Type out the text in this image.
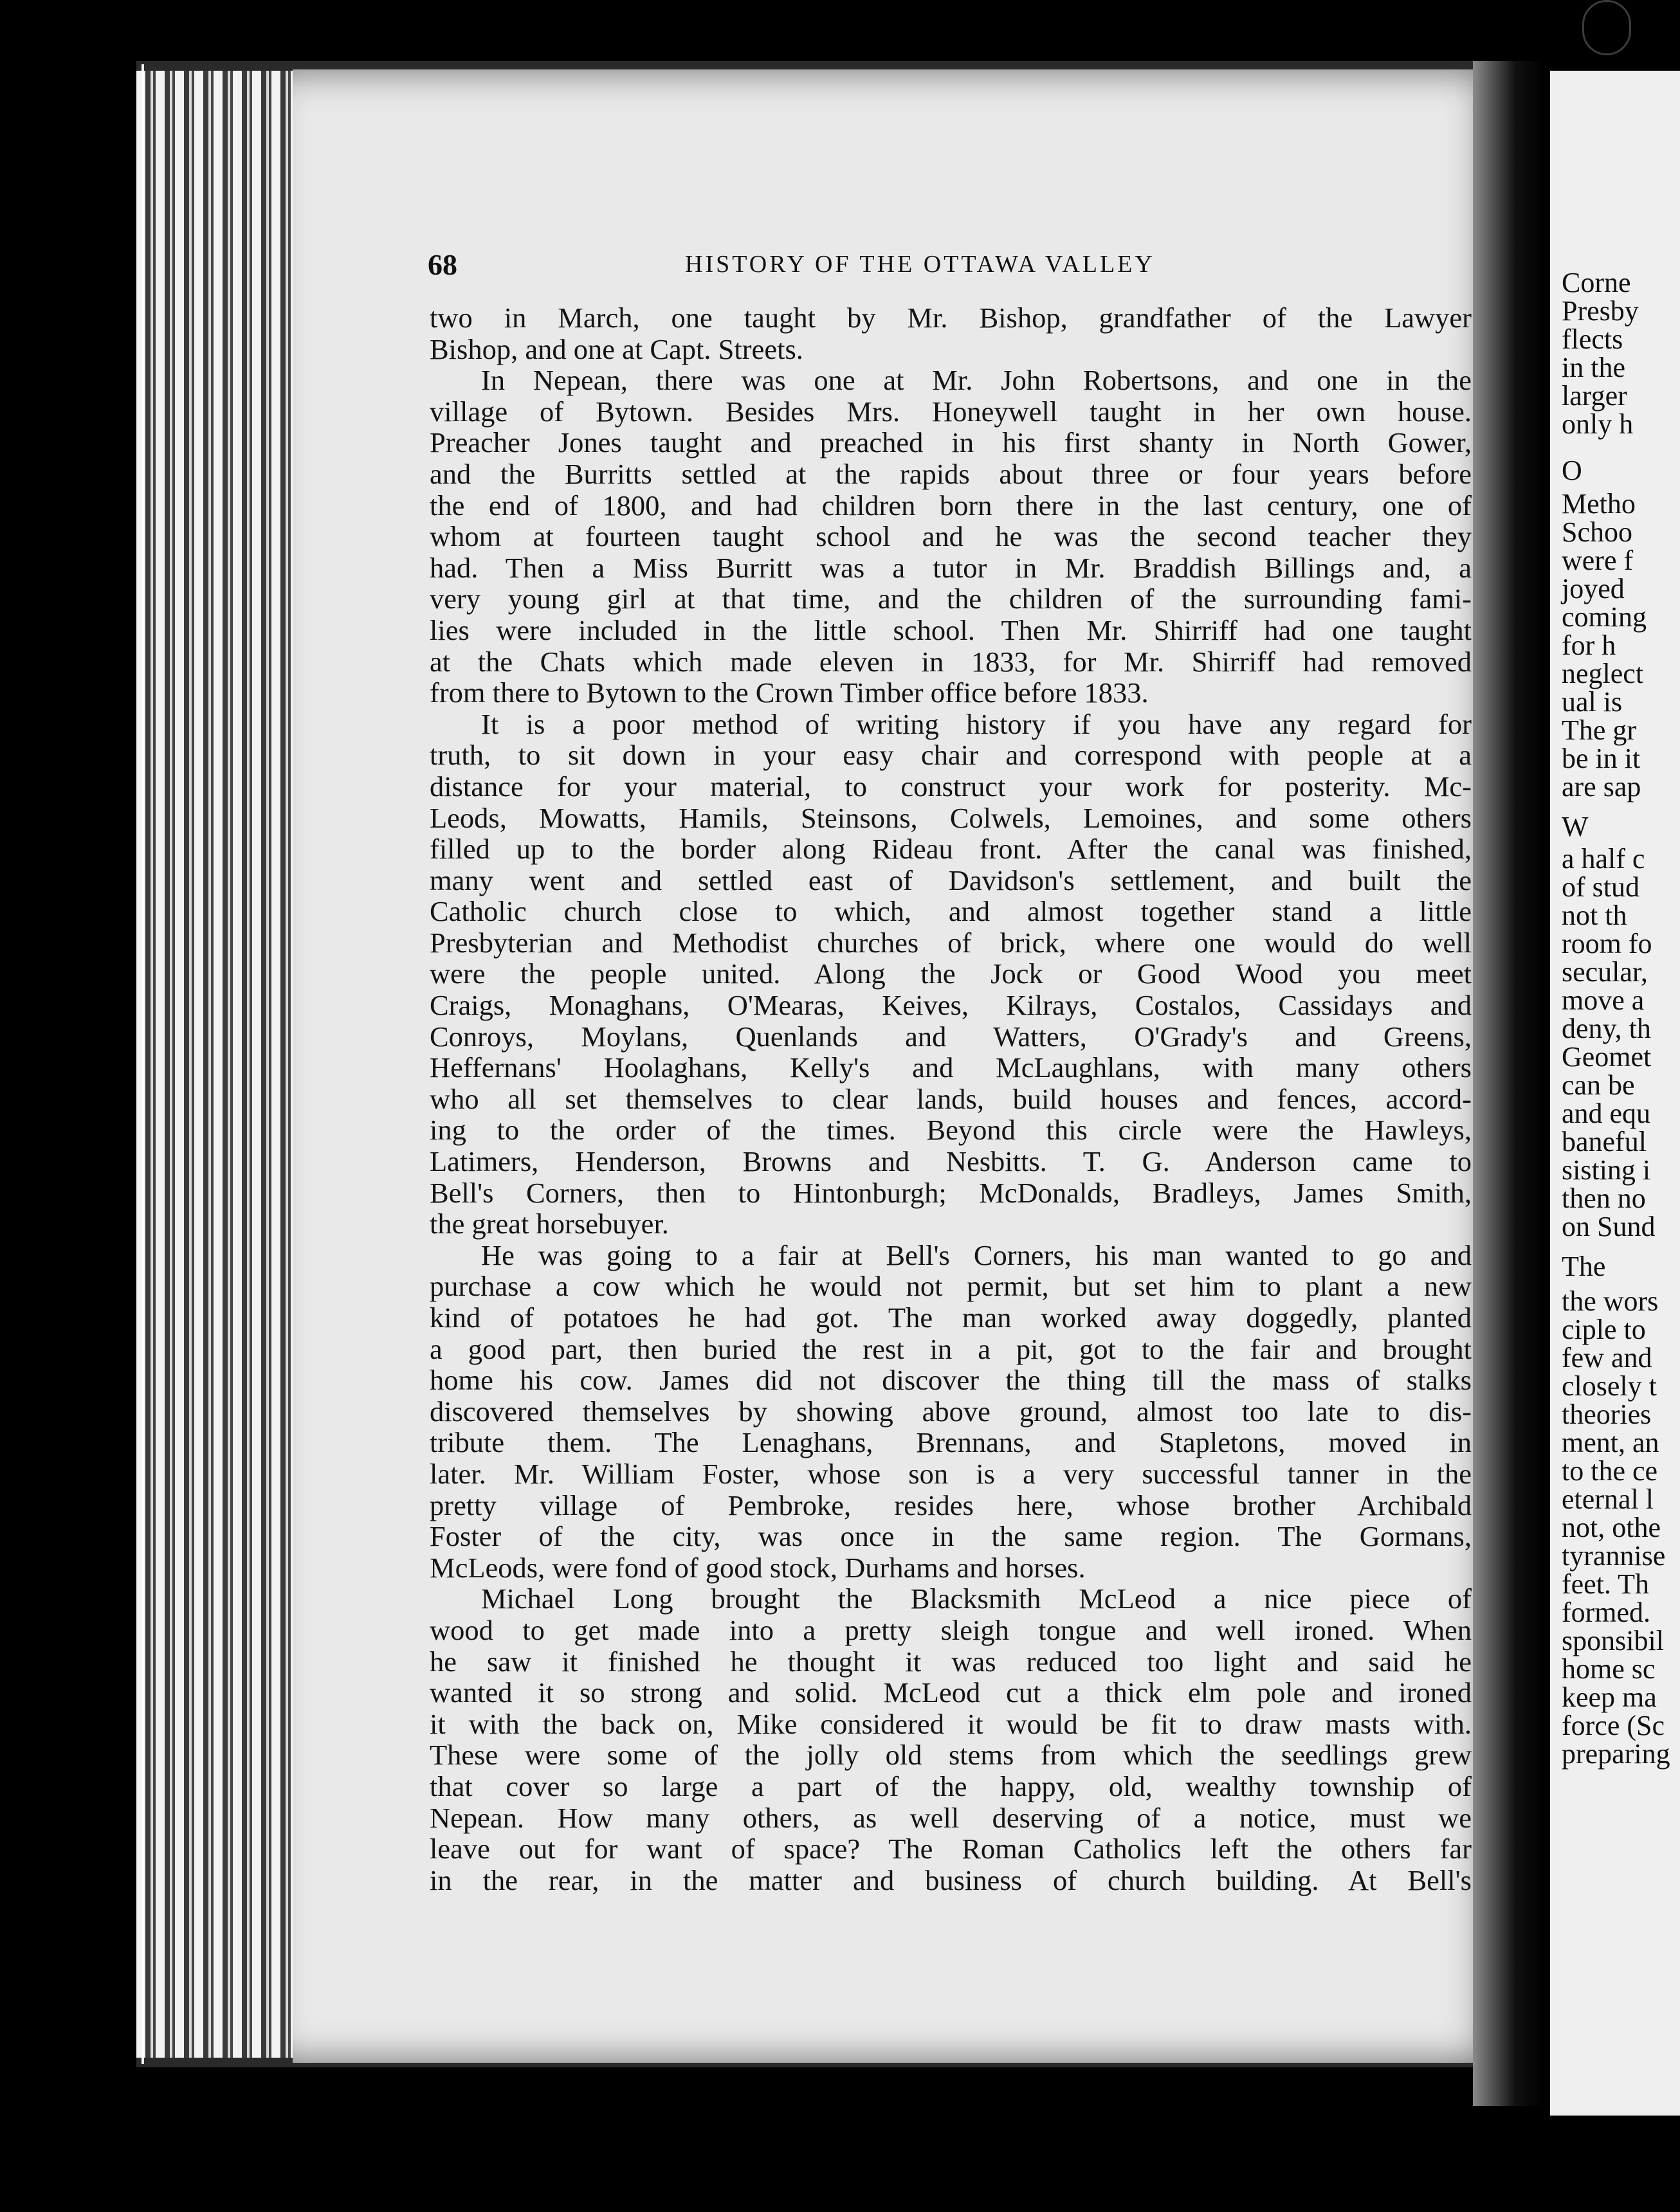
Corne
Presby
flects
in the
larger
only h
O
Metho
Schoo
were f
joyed
coming
for h
neglect
ual is
The gr
be in it
are sap
W
a half c
of stud
not th
room fo
secular,
move a
deny, th
Geomet
can be
and equ
baneful
sisting i
then no
on Sund
The
the wors
ciple to
few and
closely t
theories
ment, an
to the ce
eternal l
not, othe
tyrannise
feet. Th
formed.
sponsibil
home sc
keep ma
force (Sc
preparing
68	HISTORY OF THE OTTAWA VALLEY
two in March, one taught by Mr. Bishop, grandfather of the Lawyer
Bishop, and one at Capt. Streets.
In Nepean, there was one at Mr. John Robertsons, and one in the
village of Bytown. Besides Mrs. Honeywell taught in her own house.
Preacher Jones taught and preached in his first shanty in North Gower,
and the Burritts settled at the rapids about three or four years before
the end of 1800, and had children born there in the last century, one of
whom at fourteen taught school and he was the second teacher they
had. Then a Miss Burritt was a tutor in Mr. Braddish Billings and, a
very young girl at that time, and the children of the surrounding fami-
lies were included in the little school. Then Mr. Shirriff had one taught
at the Chats which made eleven in 1833, for Mr. Shirriff had removed
from there to Bytown to the Crown Timber office before 1833.
It is a poor method of writing history if you have any regard for
truth, to sit down in your easy chair and correspond with people at a
distance for your material, to construct your work for posterity. Mc-
Leods, Mowatts, Hamils, Steinsons, Colwels, Lemoines, and some others
filled up to the border along Rideau front. After the canal was finished,
many went and settled east of Davidson's settlement, and built the
Catholic church close to which, and almost together stand a little
Presbyterian and Methodist churches of brick, where one would do well
were the people united. Along the Jock or Good Wood you meet
Craigs, Monaghans, O'Mearas, Keives, Kilrays, Costalos, Cassidays and
Conroys, Moylans, Quenlands and Watters, O'Grady's and Greens,
Heffernans' Hoolaghans, Kelly's and McLaughlans, with many others
who all set themselves to clear lands, build houses and fences, accord-
ing to the order of the times. Beyond this circle were the Hawleys,
Latimers, Henderson, Browns and Nesbitts. T. G. Anderson came to
Bell's Corners, then to Hintonburgh; McDonalds, Bradleys, James Smith,
the great horsebuyer.
He was going to a fair at Bell's Corners, his man wanted to go and
purchase a cow which he would not permit, but set him to plant a new
kind of potatoes he had got. The man worked away doggedly, planted
a good part, then buried the rest in a pit, got to the fair and brought
home his cow. James did not discover the thing till the mass of stalks
discovered themselves by showing above ground, almost too late to dis-
tribute them. The Lenaghans, Brennans, and Stapletons, moved in
later. Mr. William Foster, whose son is a very successful tanner in the
pretty village of Pembroke, resides here, whose brother Archibald
Foster of the city, was once in the same region. The Gormans,
McLeods, were fond of good stock, Durhams and horses.
Michael Long brought the Blacksmith McLeod a nice piece of
wood to get made into a pretty sleigh tongue and well ironed. When
he saw it finished he thought it was reduced too light and said he
wanted it so strong and solid. McLeod cut a thick elm pole and ironed
it with the back on, Mike considered it would be fit to draw masts with.
These were some of the jolly old stems from which the seedlings grew
that cover so large a part of the happy, old, wealthy township of
Nepean. How many others, as well deserving of a notice, must we
leave out for want of space? The Roman Catholics left the others far
in the rear, in the matter and business of church building. At Bell's
